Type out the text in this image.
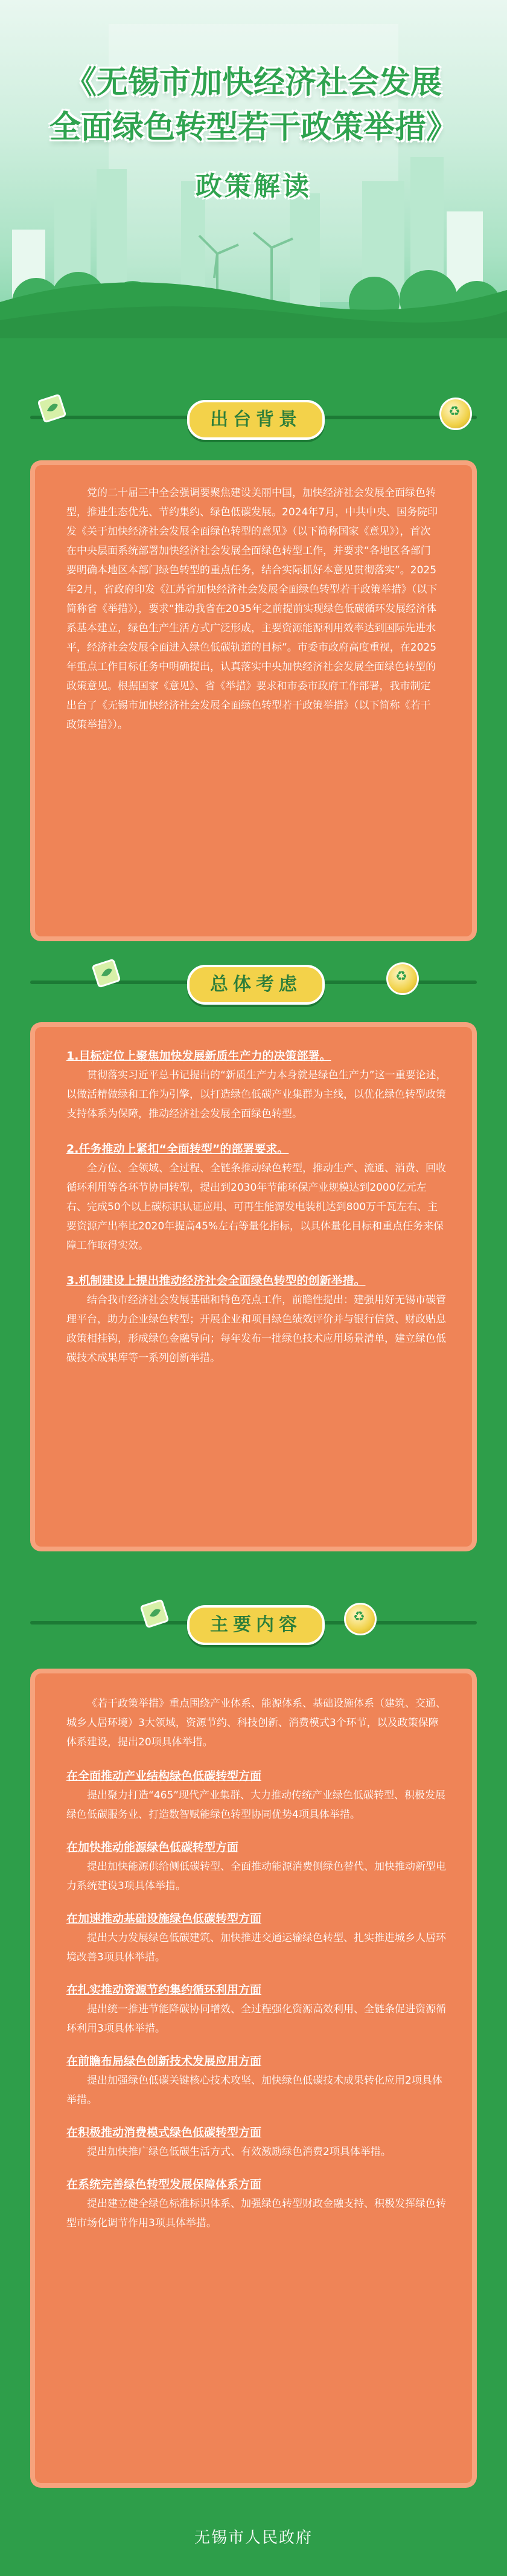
《无锡市加快经济社会发展
全面绿色转型若干政策举措》
政策解读
出台背景	♻

党的二十届三中全会强调要聚焦建设美丽中国，加快经济社会发展全面绿色转型，推进生态优先、节约集约、绿色低碳发展。2024年7月，中共中央、国务院印发《关于加快经济社会发展全面绿色转型的意见》（以下简称国家《意见》），首次在中央层面系统部署加快经济社会发展全面绿色转型工作，并要求“各地区各部门要明确本地区本部门绿色转型的重点任务，结合实际抓好本意见贯彻落实”。2025年2月，省政府印发《江苏省加快经济社会发展全面绿色转型若干政策举措》（以下简称省《举措》），要求“推动我省在2035年之前提前实现绿色低碳循环发展经济体系基本建立，绿色生产生活方式广泛形成，主要资源能源利用效率达到国际先进水平，经济社会发展全面进入绿色低碳轨道的目标”。市委市政府高度重视，在2025年重点工作目标任务中明确提出，认真落实中央加快经济社会发展全面绿色转型的政策意见。根据国家《意见》、省《举措》要求和市委市政府工作部署，我市制定出台了《无锡市加快经济社会发展全面绿色转型若干政策举措》（以下简称《若干政策举措》）。

总体考虑	♻
1.目标定位上聚焦加快发展新质生产力的决策部署。

贯彻落实习近平总书记提出的“新质生产力本身就是绿色生产力”这一重要论述，以做活精做绿和工作为引擎，以打造绿色低碳产业集群为主线，以优化绿色转型政策支持体系为保障，推动经济社会发展全面绿色转型。

2.任务推动上紧扣“全面转型”的部署要求。

全方位、全领域、全过程、全链条推动绿色转型，推动生产、流通、消费、回收循环利用等各环节协同转型，提出到2030年节能环保产业规模达到2000亿元左右、完成50个以上碳标识认证应用、可再生能源发电装机达到800万千瓦左右、主要资源产出率比2020年提高45%左右等量化指标，以具体量化目标和重点任务来保障工作取得实效。

3.机制建设上提出推动经济社会全面绿色转型的创新举措。

结合我市经济社会发展基础和特色亮点工作，前瞻性提出：建强用好无锡市碳管理平台，助力企业绿色转型；开展企业和项目绿色绩效评价并与银行信贷、财政贴息政策相挂钩，形成绿色金融导向；每年发布一批绿色技术应用场景清单，建立绿色低碳技术成果库等一系列创新举措。

主要内容	♻

《若干政策举措》重点围绕产业体系、能源体系、基础设施体系（建筑、交通、城乡人居环境）3大领域，资源节约、科技创新、消费模式3个环节，以及政策保障体系建设，提出20项具体举措。

在全面推动产业结构绿色低碳转型方面

提出聚力打造“465”现代产业集群、大力推动传统产业绿色低碳转型、积极发展绿色低碳服务业、打造数智赋能绿色转型协同优势4项具体举措。

在加快推动能源绿色低碳转型方面

提出加快能源供给侧低碳转型、全面推动能源消费侧绿色替代、加快推动新型电力系统建设3项具体举措。

在加速推动基础设施绿色低碳转型方面

提出大力发展绿色低碳建筑、加快推进交通运输绿色转型、扎实推进城乡人居环境改善3项具体举措。

在扎实推动资源节约集约循环利用方面

提出统一推进节能降碳协同增效、全过程强化资源高效利用、全链条促进资源循环利用3项具体举措。

在前瞻布局绿色创新技术发展应用方面

提出加强绿色低碳关键核心技术攻坚、加快绿色低碳技术成果转化应用2项具体举措。

在积极推动消费模式绿色低碳转型方面

提出加快推广绿色低碳生活方式、有效激励绿色消费2项具体举措。

在系统完善绿色转型发展保障体系方面

提出建立健全绿色标准标识体系、加强绿色转型财政金融支持、积极发挥绿色转型市场化调节作用3项具体举措。

无锡市人民政府
